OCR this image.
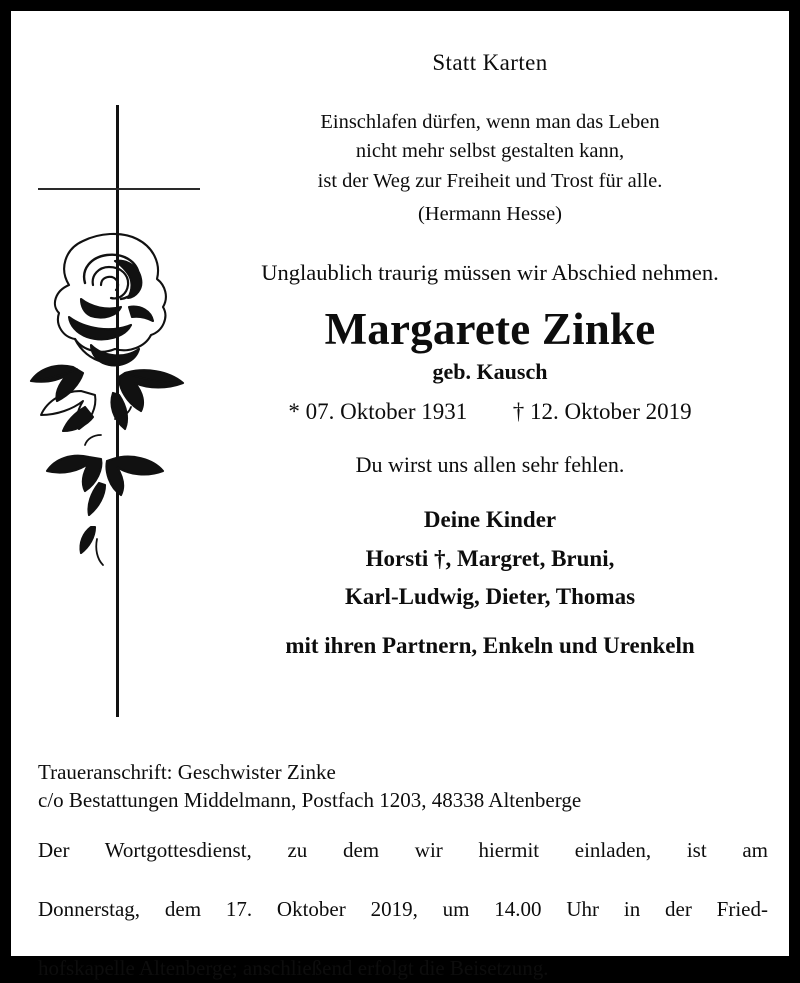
Statt Karten
Einschlafen dürfen, wenn man das Leben
nicht mehr selbst gestalten kann,
ist der Weg zur Freiheit und Trost für alle.
(Hermann Hesse)
Unglaublich traurig müssen wir Abschied nehmen.
Margarete Zinke
geb. Kausch
* 07. Oktober 1931 † 12. Oktober 2019
Du wirst uns allen sehr fehlen.
Deine Kinder
Horsti †, Margret, Bruni,
Karl-Ludwig, Dieter, Thomas
mit ihren Partnern, Enkeln und Urenkeln
Traueranschrift: Geschwister Zinke
c/o Bestattungen Middelmann, Postfach 1203, 48338 Altenberge
Der Wortgottesdienst, zu dem wir hiermit einladen, ist am
Donnerstag, dem 17. Oktober 2019, um 14.00 Uhr in der Fried-
hofskapelle Altenberge; anschließend erfolgt die Beisetzung.
